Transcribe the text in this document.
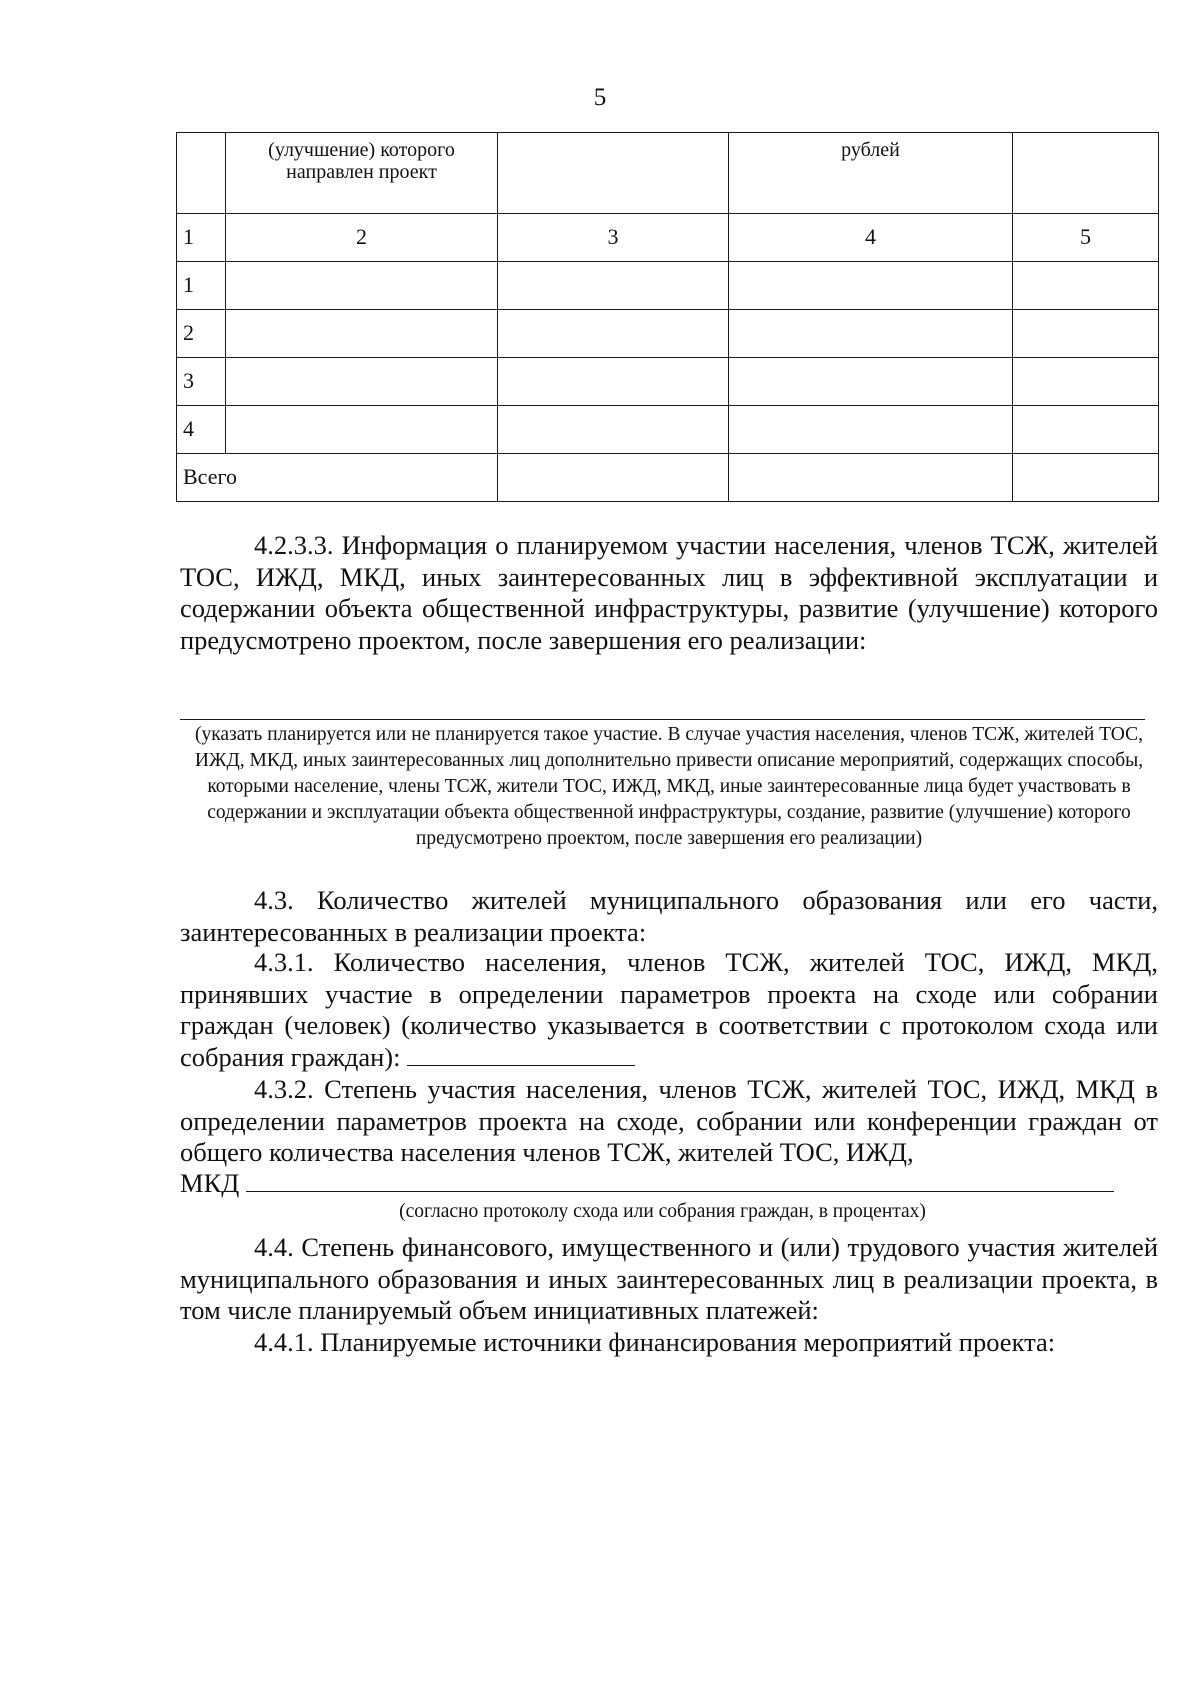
5
	(улучшение) которого направлен проект		рублей	
1	2	3	4	5
1				
2				
3				
4				
Всего				
4.2.3.3. Информация о планируемом участии населения, членов ТСЖ, жителей ТОС, ИЖД, МКД, иных заинтересованных лиц в эффективной эксплуатации и содержании объекта общественной инфраструктуры, развитие (улучшение) которого предусмотрено проектом, после завершения его реализации:
(указать планируется или не планируется такое участие. В случае участия населения, членов ТСЖ, жителей ТОС, ИЖД, МКД, иных заинтересованных лиц дополнительно привести описание мероприятий, содержащих способы, которыми население, члены ТСЖ, жители ТОС, ИЖД, МКД, иные заинтересованные лица будет участвовать в содержании и эксплуатации объекта общественной инфраструктуры, создание, развитие (улучшение) которого предусмотрено проектом, после завершения его реализации)
4.3. Количество жителей муниципального образования или его части, заинтересованных в реализации проекта:
4.3.1. Количество населения, членов ТСЖ, жителей ТОС, ИЖД, МКД, принявших участие в определении параметров проекта на сходе или собрании граждан (человек) (количество указывается в соответствии с протоколом схода или собрания граждан):
4.3.2. Степень участия населения, членов ТСЖ, жителей ТОС, ИЖД, МКД в определении параметров проекта на сходе, собрании или конференции граждан от общего количества населения членов ТСЖ, жителей ТОС, ИЖД,
МКД
(согласно протоколу схода или собрания граждан, в процентах)
4.4. Степень финансового, имущественного и (или) трудового участия жителей муниципального образования и иных заинтересованных лиц в реализации проекта, в том числе планируемый объем инициативных платежей:
4.4.1. Планируемые источники финансирования мероприятий проекта:
